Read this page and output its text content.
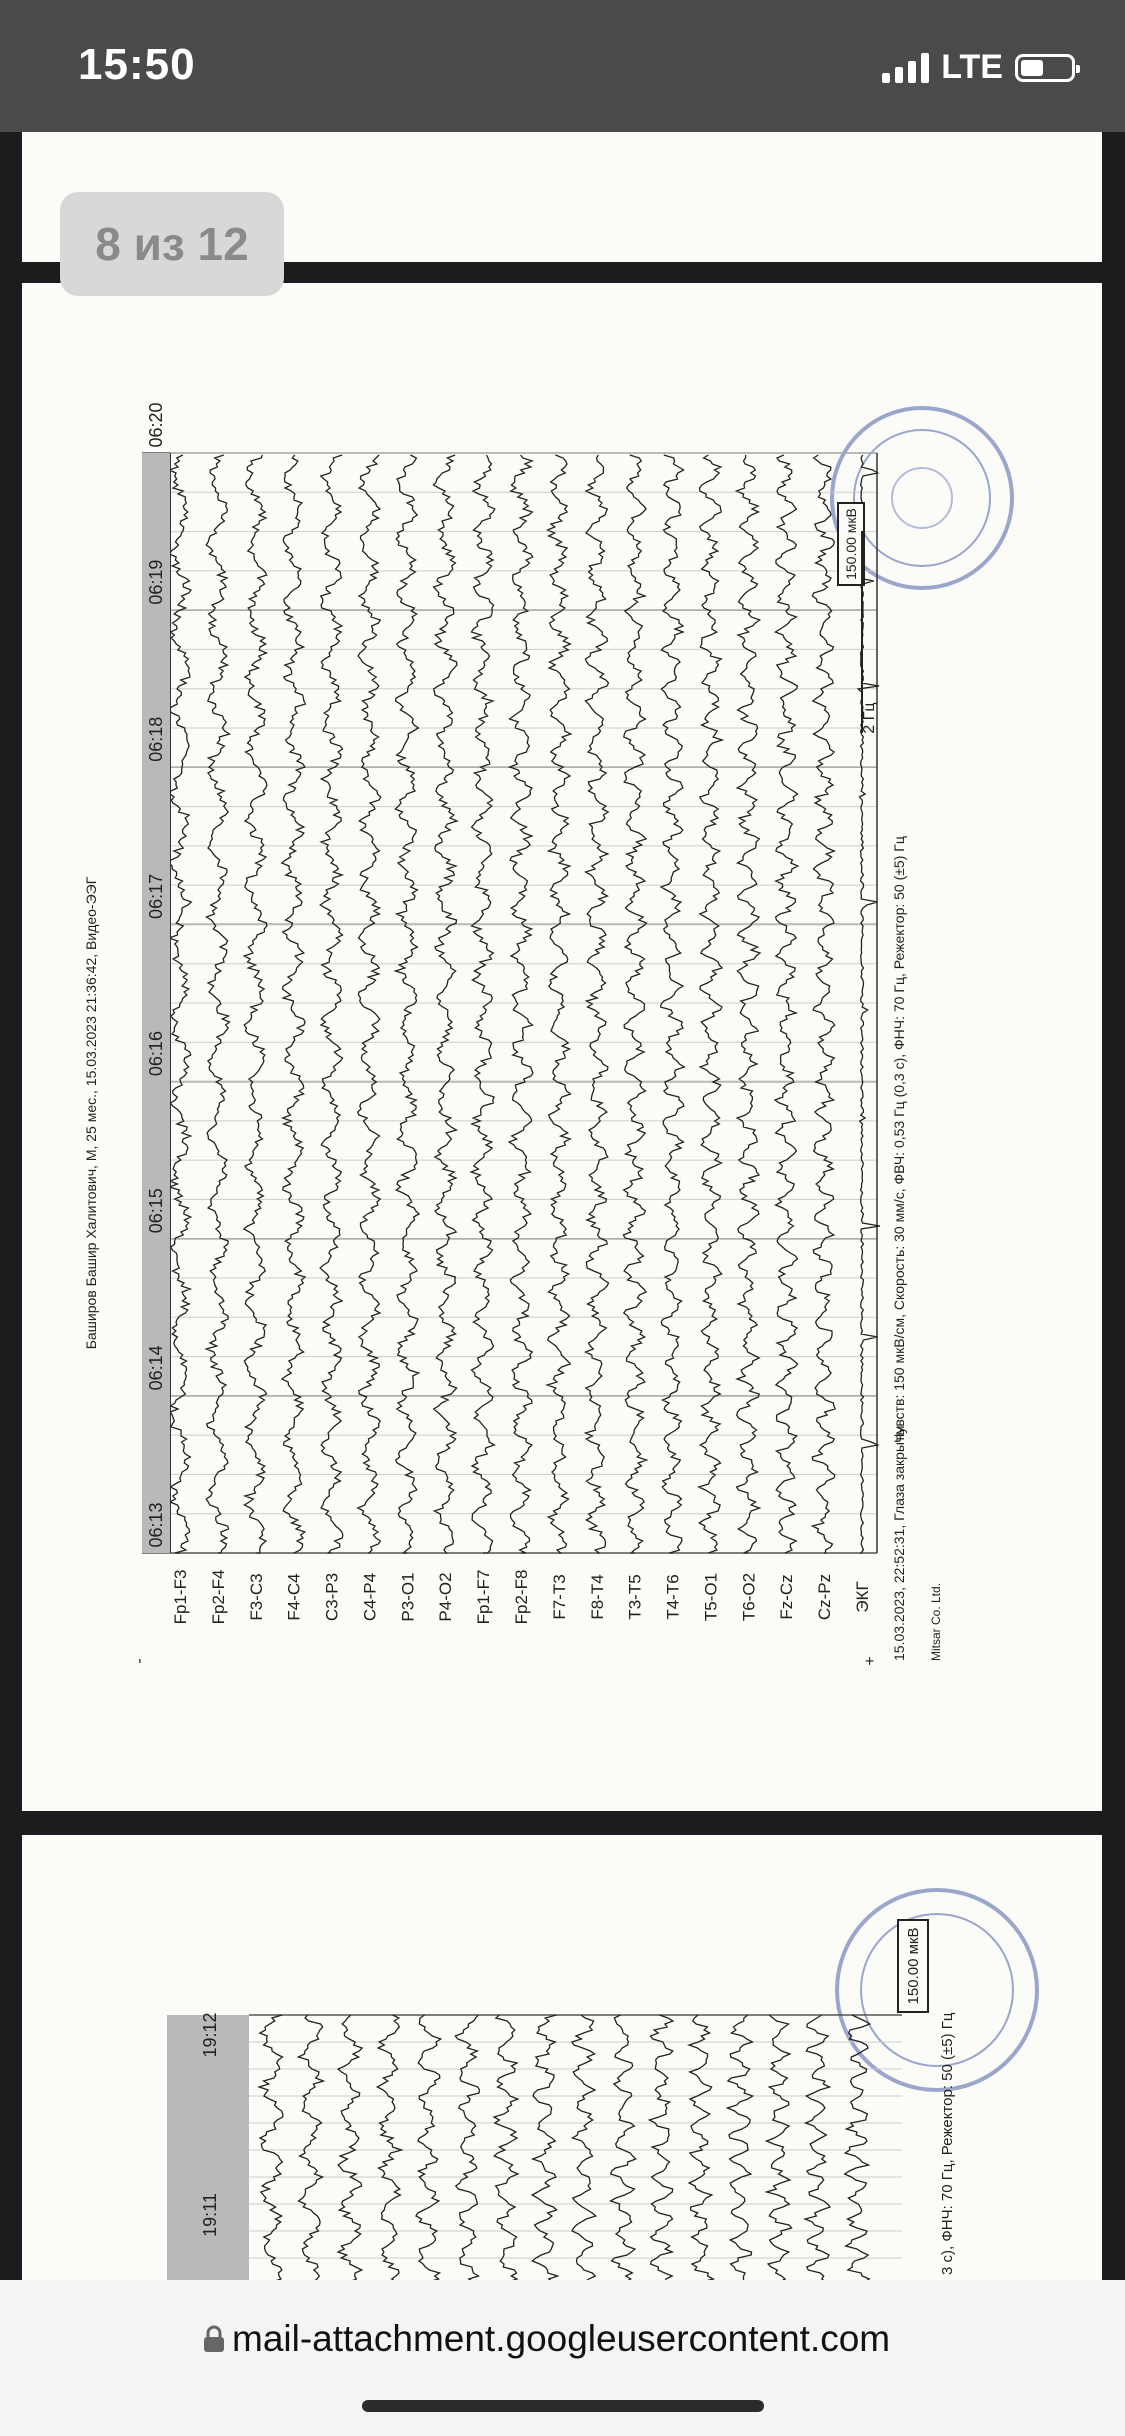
15:50	LTE
Fp1-F3 Fp2-F4 F3-C3 F4-C4 C3-P3 C4-P4 P3-O1 P4-O2 Fp1-F7 Fp2-F8 F7-T3 F8-T4 T3-T5 T4-T6 T5-O1 T6-O2 Fz-Cz Cz-Pz ЭКГ
06:13
06:14
06:15
06:16
06:17
06:18
06:19
06:20
Баширов Башир Халитович, М, 25 мес., 15.03.2023 21:36:42, Видео-ЭЭГ
-	+ 15.03.2023, 22:52:31, Глаза закрыты
Чувств: 150 мкВ/см, Скорость: 30 мм/с, ФВЧ: 0,53 Гц (0,3 с), ФНЧ: 70 Гц, Режектор: 50 (±5) Гц
Mitsar Co. Ltd.
150.00 мкВ
2 Гц
19:11
19:12
150.00 мкВ
3 с), ФНЧ: 70 Гц, Режектор: 50 (±5) Гц
8 из 12
mail-attachment.googleusercontent.com
